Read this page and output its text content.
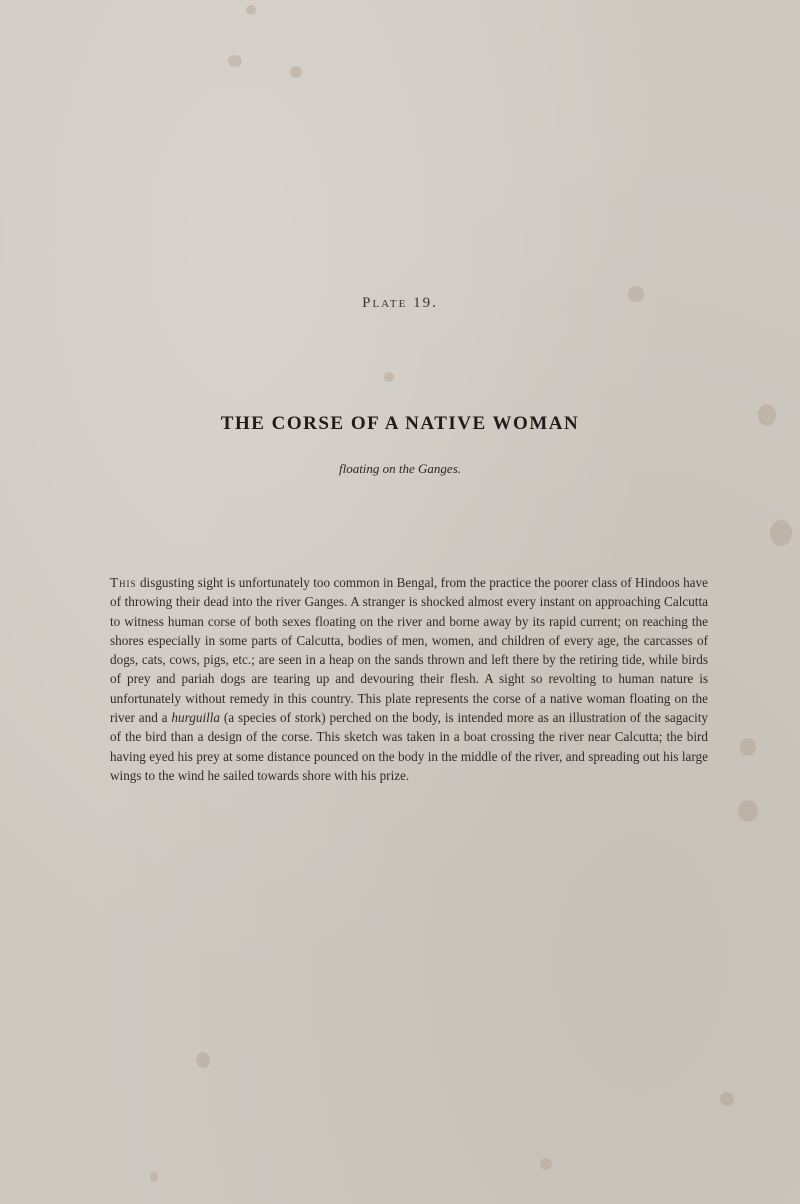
Plate 19.
THE CORSE OF A NATIVE WOMAN
floating on the Ganges.
This disgusting sight is unfortunately too common in Bengal, from the practice the poorer class of Hindoos have of throwing their dead into the river Ganges. A stranger is shocked almost every instant on approaching Calcutta to witness human corse of both sexes floating on the river and borne away by its rapid current; on reaching the shores especially in some parts of Calcutta, bodies of men, women, and children of every age, the carcasses of dogs, cats, cows, pigs, etc.; are seen in a heap on the sands thrown and left there by the retiring tide, while birds of prey and pariah dogs are tearing up and devouring their flesh. A sight so revolting to human nature is unfortunately without remedy in this country. This plate represents the corse of a native woman floating on the river and a hurguilla (a species of stork) perched on the body, is intended more as an illustration of the sagacity of the bird than a design of the corse. This sketch was taken in a boat crossing the river near Calcutta; the bird having eyed his prey at some distance pounced on the body in the middle of the river, and spreading out his large wings to the wind he sailed towards shore with his prize.
